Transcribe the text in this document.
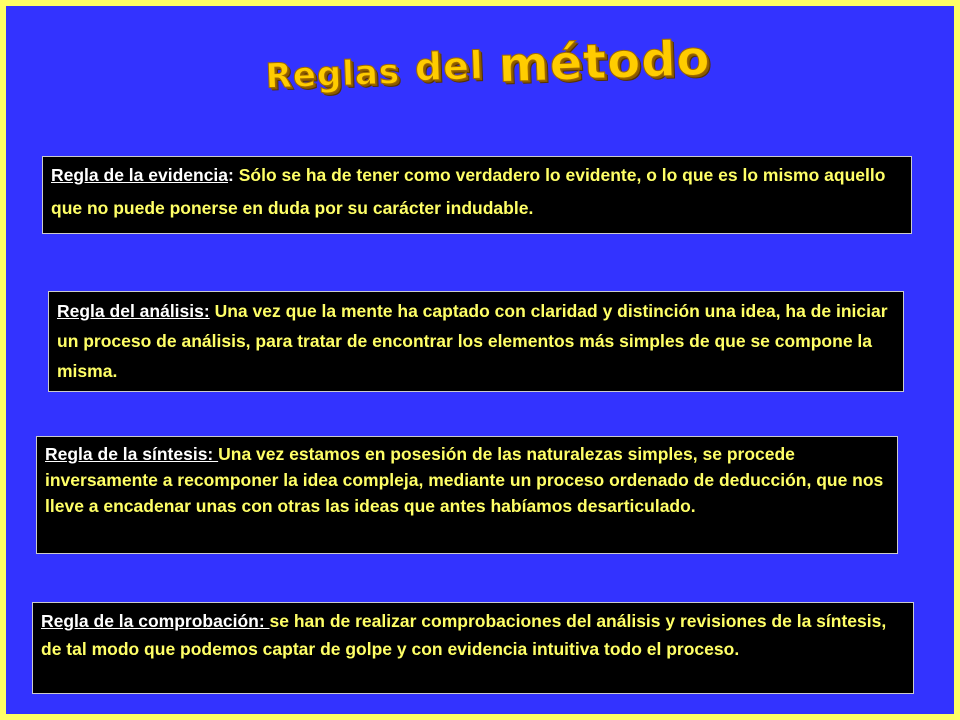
Reglas del método
Regla de la evidencia: Sólo se ha de tener como verdadero lo evidente, o lo que es lo mismo aquello que no puede ponerse en duda por su carácter indudable.
Regla del análisis: Una vez que la mente ha captado con claridad y distinción una idea, ha de iniciar un proceso de análisis, para tratar de encontrar los elementos más simples de que se compone la misma.
Regla de la síntesis: Una vez estamos en posesión de las naturalezas simples, se procede inversamente a recomponer la idea compleja, mediante un proceso ordenado de deducción, que nos lleve a encadenar unas con otras las ideas que antes habíamos desarticulado.
Regla de la comprobación: se han de realizar comprobaciones del análisis y revisiones de la síntesis, de tal modo que podemos captar de golpe y con evidencia intuitiva todo el proceso.
